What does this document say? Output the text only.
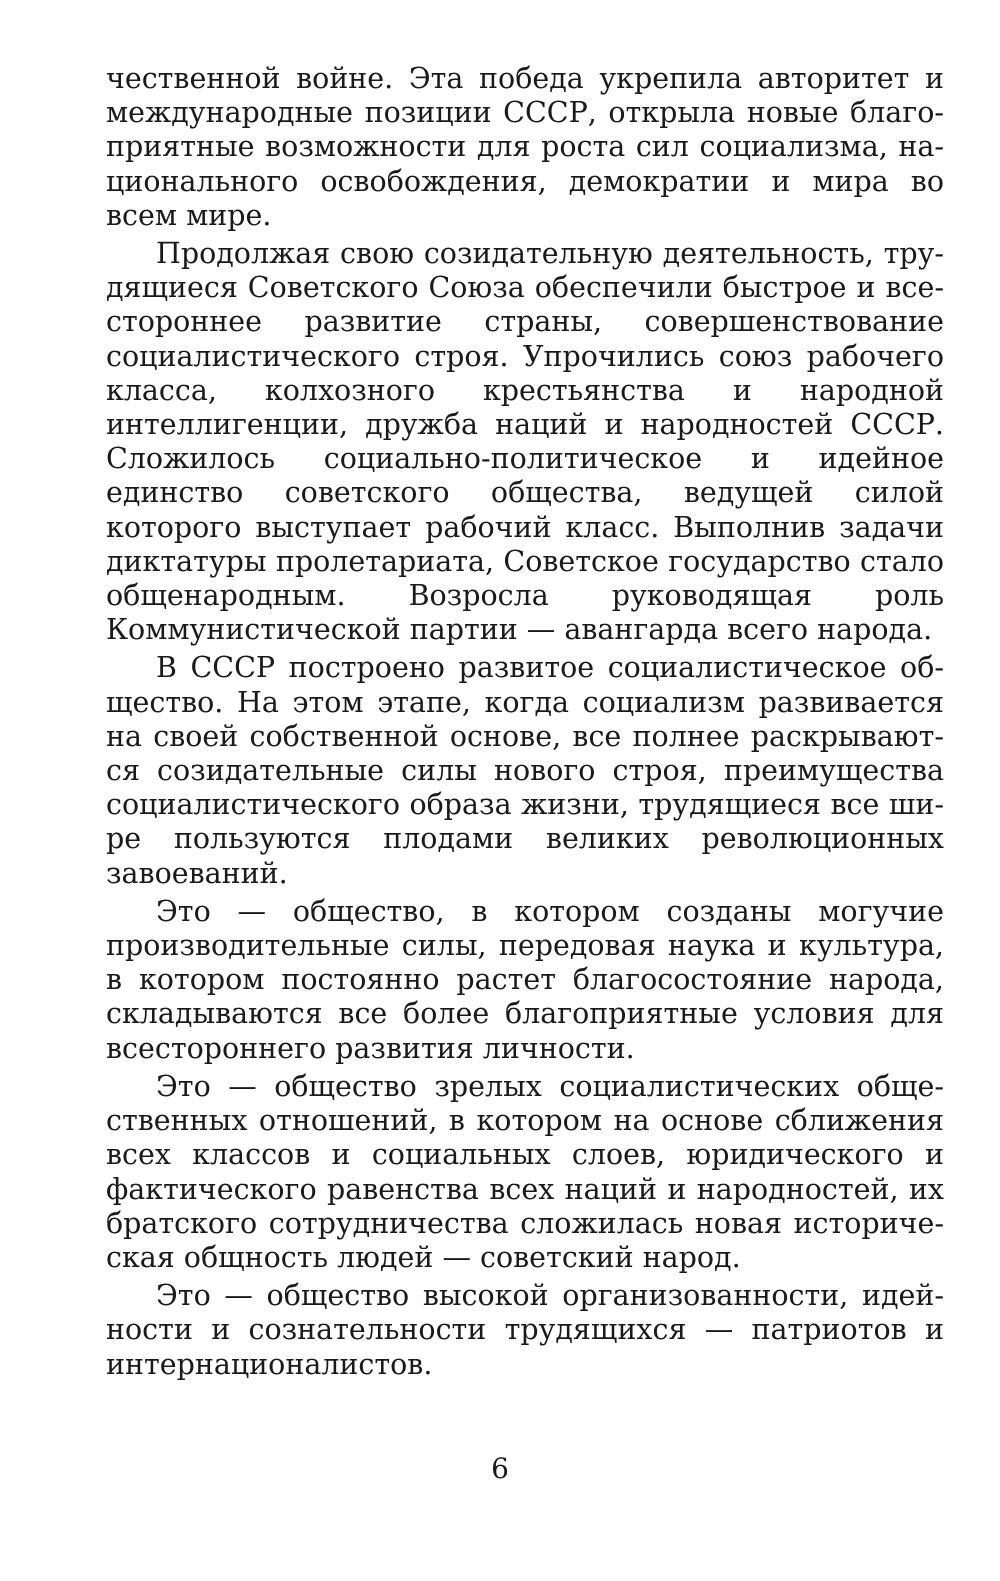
чественной войне. Эта победа укрепила авторитет и международные позиции СССР, открыла новые благоприятные возможности для роста сил социализма, национального освобождения, демократии и мира во всем мире.

Продолжая свою созидательную деятельность, трудящиеся Советского Союза обеспечили быстрое и всестороннее развитие страны, совершенствование социалистического строя. Упрочились союз рабочего класса, колхозного крестьянства и народной интеллигенции, дружба наций и народностей СССР. Сложилось социально-политическое и идейное единство советского общества, ведущей силой которого выступает рабочий класс. Выполнив задачи диктатуры пролетариата, Советское государство стало общенародным. Возросла руководящая роль Коммунистической партии — авангарда всего народа.

В СССР построено развитое социалистическое общество. На этом этапе, когда социализм развивается на своей собственной основе, все полнее раскрываются созидательные силы нового строя, преимущества социалистического образа жизни, трудящиеся все шире пользуются плодами великих революционных завоеваний.

Это — общество, в котором созданы могучие производительные силы, передовая наука и культура, в котором постоянно растет благосостояние народа, складываются все более благоприятные условия для всестороннего развития личности.

Это — общество зрелых социалистических общественных отношений, в котором на основе сближения всех классов и социальных слоев, юридического и фактического равенства всех наций и народностей, их братского сотрудничества сложилась новая историческая общность людей — советский народ.

Это — общество высокой организованности, идейности и сознательности трудящихся — патриотов и интернационалистов.

6
